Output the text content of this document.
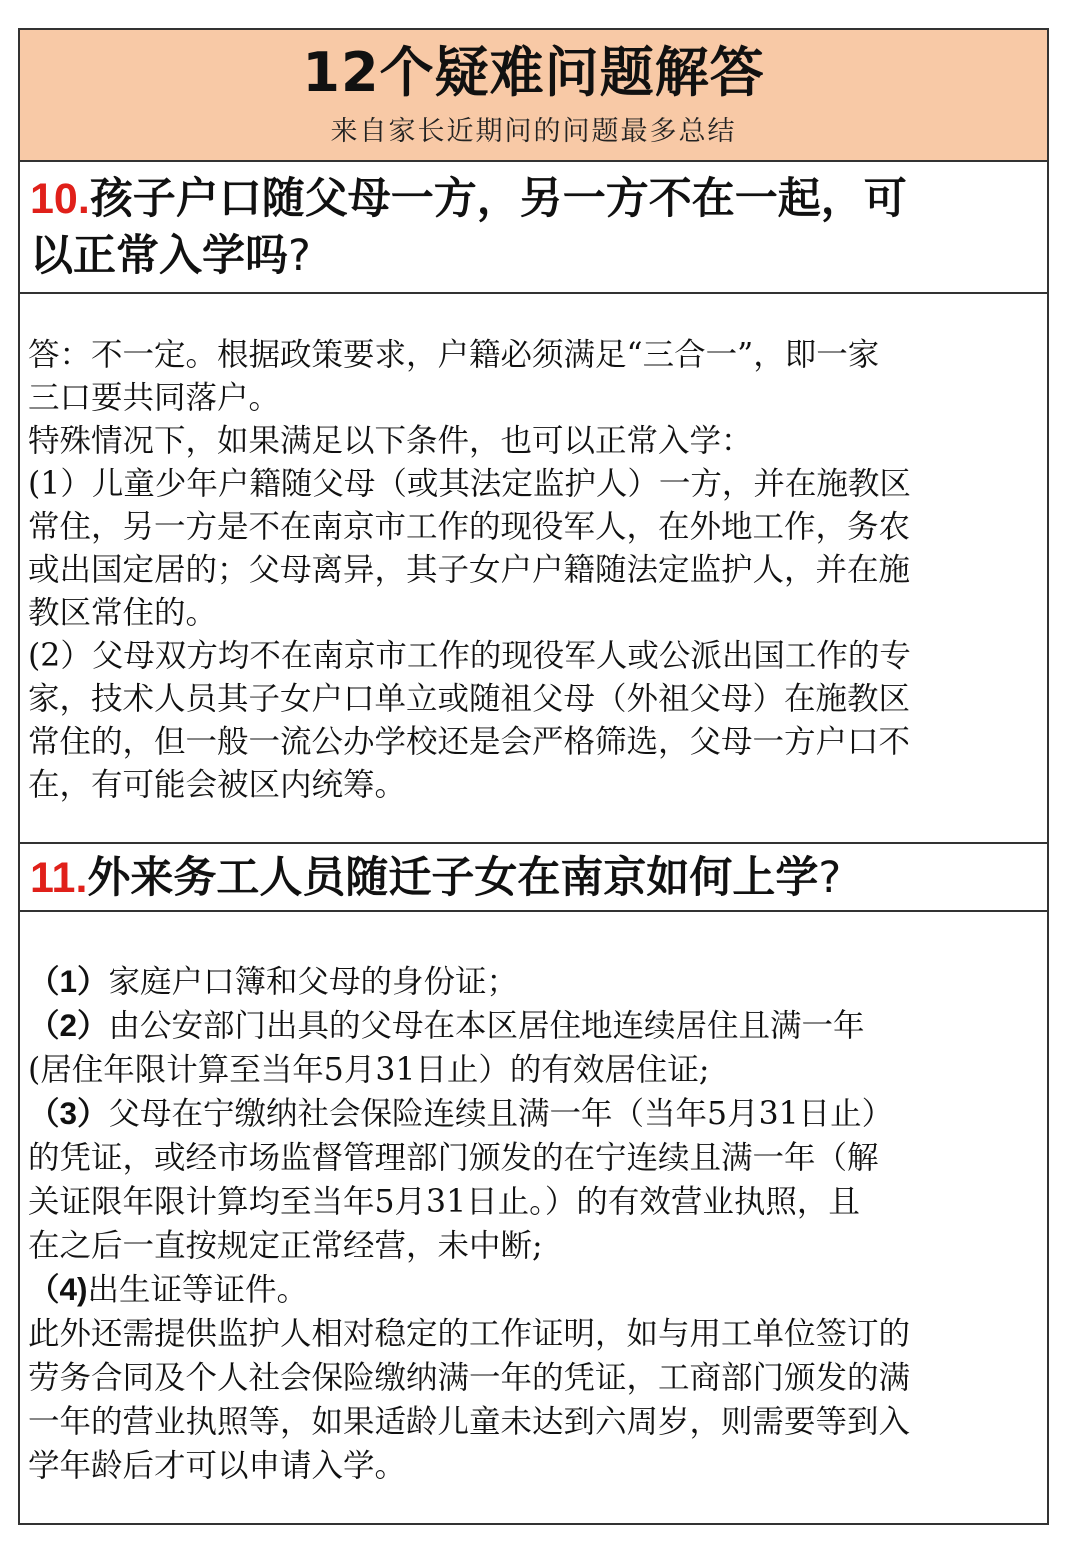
12个疑难问题解答
来自家长近期问的问题最多总结
10.孩子户口随父母一方，另一方不在一起，可
以正常入学吗?
答：不一定。根据政策要求，户籍必须满足“三合一”，即一家
三口要共同落户。
特殊情况下，如果满足以下条件，也可以正常入学：
(1）儿童少年户籍随父母（或其法定监护人）一方，并在施教区
常住，另一方是不在南京市工作的现役军人，在外地工作，务农
或出国定居的；父母离异，其子女户户籍随法定监护人，并在施
教区常住的。
(2）父母双方均不在南京市工作的现役军人或公派出国工作的专
家，技术人员其子女户口单立或随祖父母（外祖父母）在施教区
常住的，但一般一流公办学校还是会严格筛选，父母一方户口不
在，有可能会被区内统筹。
11.外来务工人员随迁子女在南京如何上学?
（1）家庭户口簿和父母的身份证；
（2）由公安部门出具的父母在本区居住地连续居住且满一年
(居住年限计算至当年5月31日止）的有效居住证;
（3）父母在宁缴纳社会保险连续且满一年（当年5月31日止）
的凭证，或经市场监督管理部门颁发的在宁连续且满一年（解
关证限年限计算均至当年5月31日止。）的有效营业执照，且
在之后一直按规定正常经营，未中断;
（4)出生证等证件。
此外还需提供监护人相对稳定的工作证明，如与用工单位签订的
劳务合同及个人社会保险缴纳满一年的凭证，工商部门颁发的满
一年的营业执照等，如果适龄儿童未达到六周岁，则需要等到入
学年龄后才可以申请入学。
